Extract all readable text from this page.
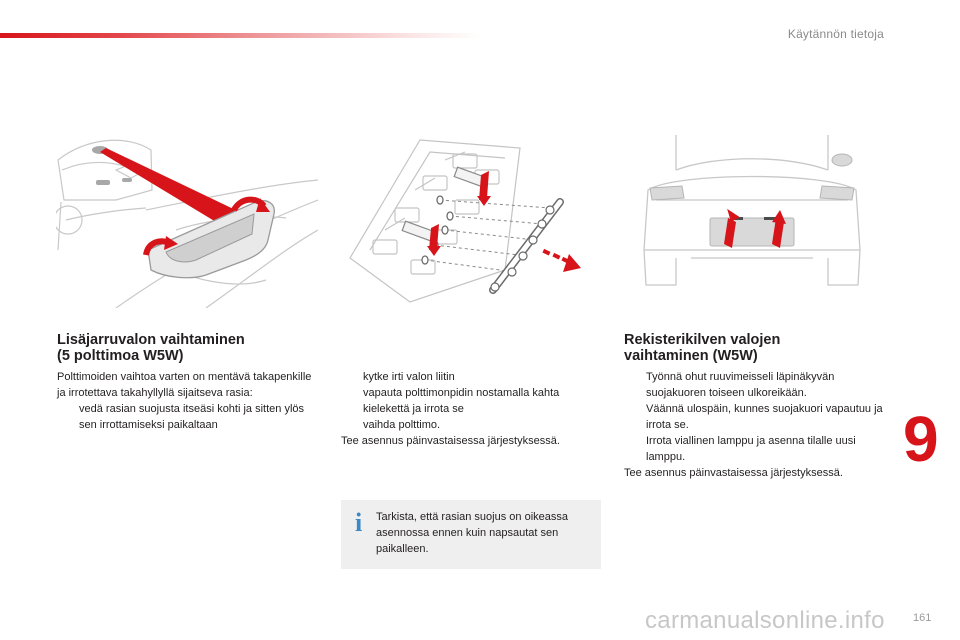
Käytännön tietoja
Lisäjarruvalon vaihtaminen
(5 polttimoa W5W)

Polttimoiden vaihtoa varten on mentävä takapenkille ja irrotettava takahyllyllä sijaitseva rasia:

vedä rasian suojusta itseäsi kohti ja sitten ylös sen irrottamiseksi paikaltaan
kytke irti valon liitin
vapauta polttimonpidin nostamalla kahta kielekettä ja irrota se
vaihda polttimo.

Tee asennus päinvastaisessa järjestyksessä.

i Tarkista, että rasian suojus on oikeassa asennossa ennen kuin napsautat sen paikalleen.
Rekisterikilven valojen
vaihtaminen (W5W)
Työnnä ohut ruuvimeisseli läpinäkyvän suojakuoren toiseen ulkoreikään.
Väännä ulospäin, kunnes suojakuori vapautuu ja irrota se.
Irrota viallinen lamppu ja asenna tilalle uusi lamppu.

Tee asennus päinvastaisessa järjestyksessä. 9
carmanualsonline.info	161
